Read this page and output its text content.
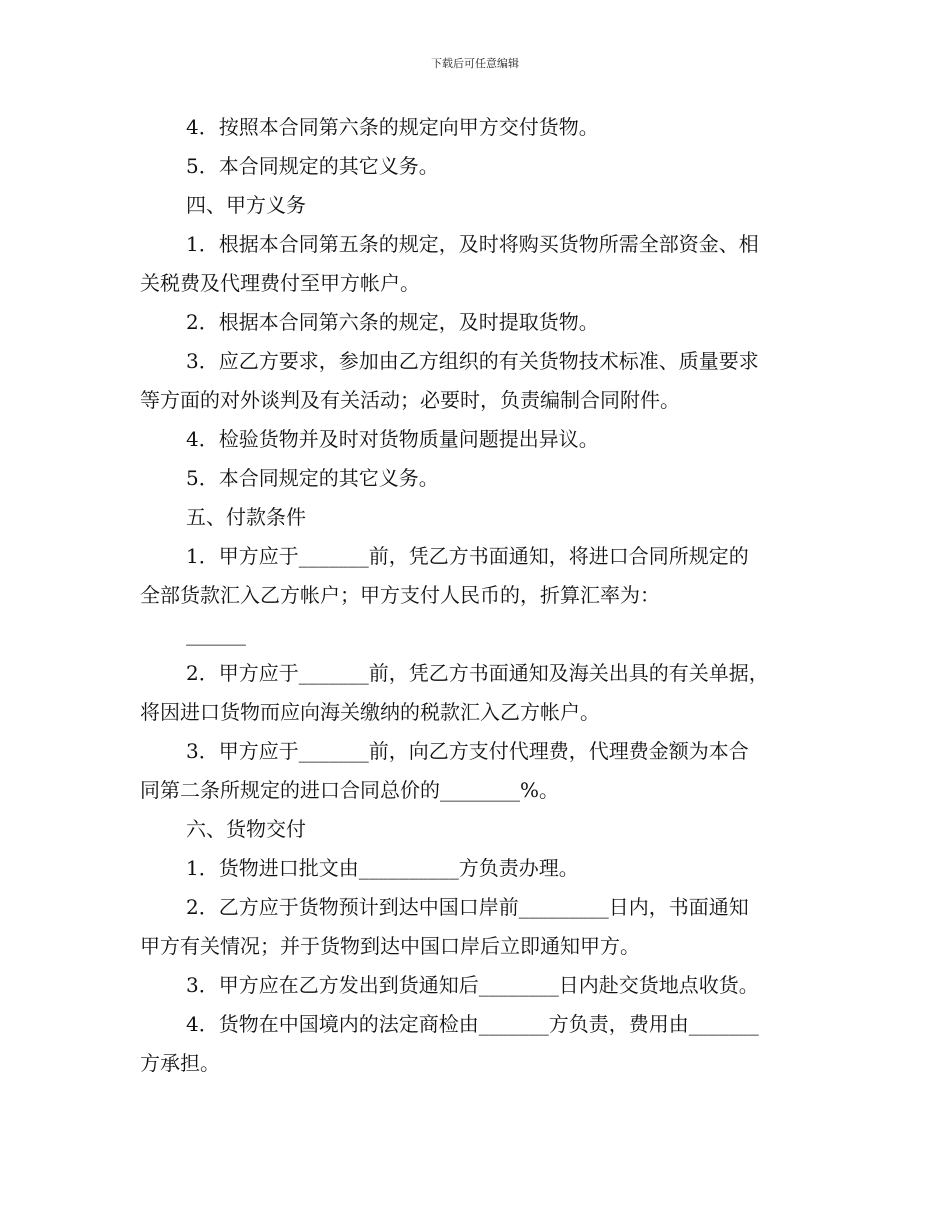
下载后可任意编辑
4．按照本合同第六条的规定向甲方交付货物。
5．本合同规定的其它义务。
四、甲方义务
1．根据本合同第五条的规定，及时将购买货物所需全部资金、相
关税费及代理费付至甲方帐户。
2．根据本合同第六条的规定，及时提取货物。
3．应乙方要求，参加由乙方组织的有关货物技术标准、质量要求
等方面的对外谈判及有关活动；必要时，负责编制合同附件。
4．检验货物并及时对货物质量问题提出异议。
5．本合同规定的其它义务。
五、付款条件
1．甲方应于_______前，凭乙方书面通知，将进口合同所规定的
全部货款汇入乙方帐户；甲方支付人民币的，折算汇率为：
______
2．甲方应于_______前，凭乙方书面通知及海关出具的有关单据，
将因进口货物而应向海关缴纳的税款汇入乙方帐户。
3．甲方应于_______前，向乙方支付代理费，代理费金额为本合
同第二条所规定的进口合同总价的________%。
六、货物交付
1．货物进口批文由__________方负责办理。
2．乙方应于货物预计到达中国口岸前_________日内，书面通知
甲方有关情况；并于货物到达中国口岸后立即通知甲方。
3．甲方应在乙方发出到货通知后________日内赴交货地点收货。
4．货物在中国境内的法定商检由_______方负责，费用由_______
方承担。
